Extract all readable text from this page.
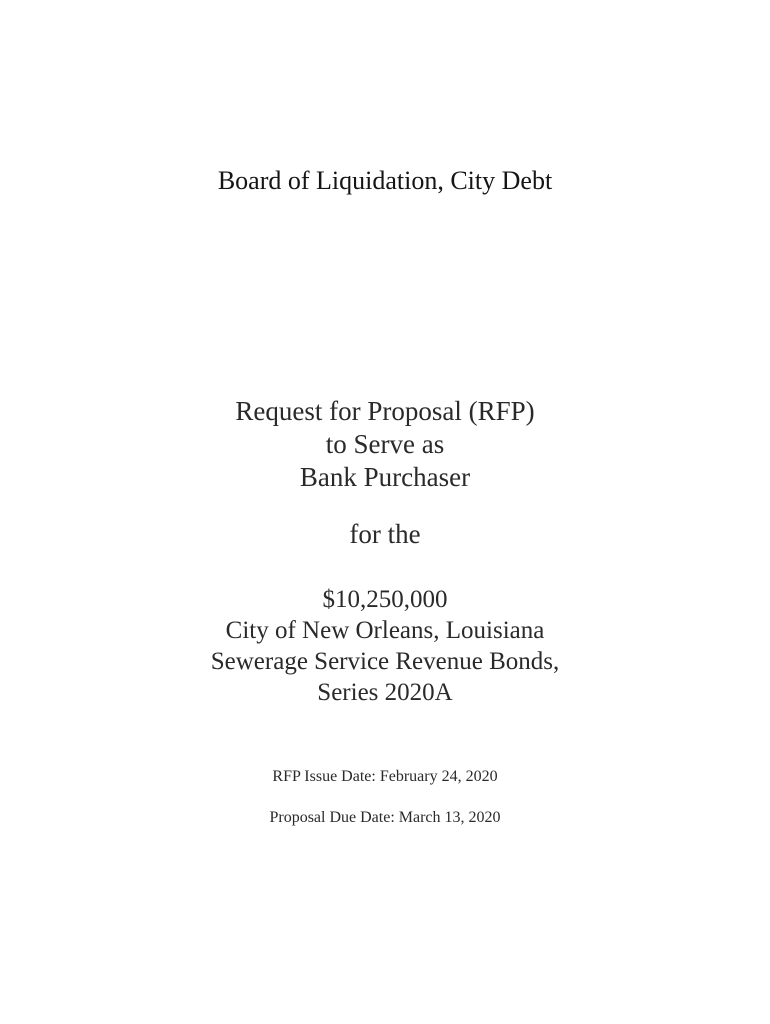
Board of Liquidation, City Debt
Request for Proposal (RFP)
to Serve as
Bank Purchaser
for the
$10,250,000
City of New Orleans, Louisiana
Sewerage Service Revenue Bonds,
Series 2020A
RFP Issue Date: February 24, 2020
Proposal Due Date: March 13, 2020
